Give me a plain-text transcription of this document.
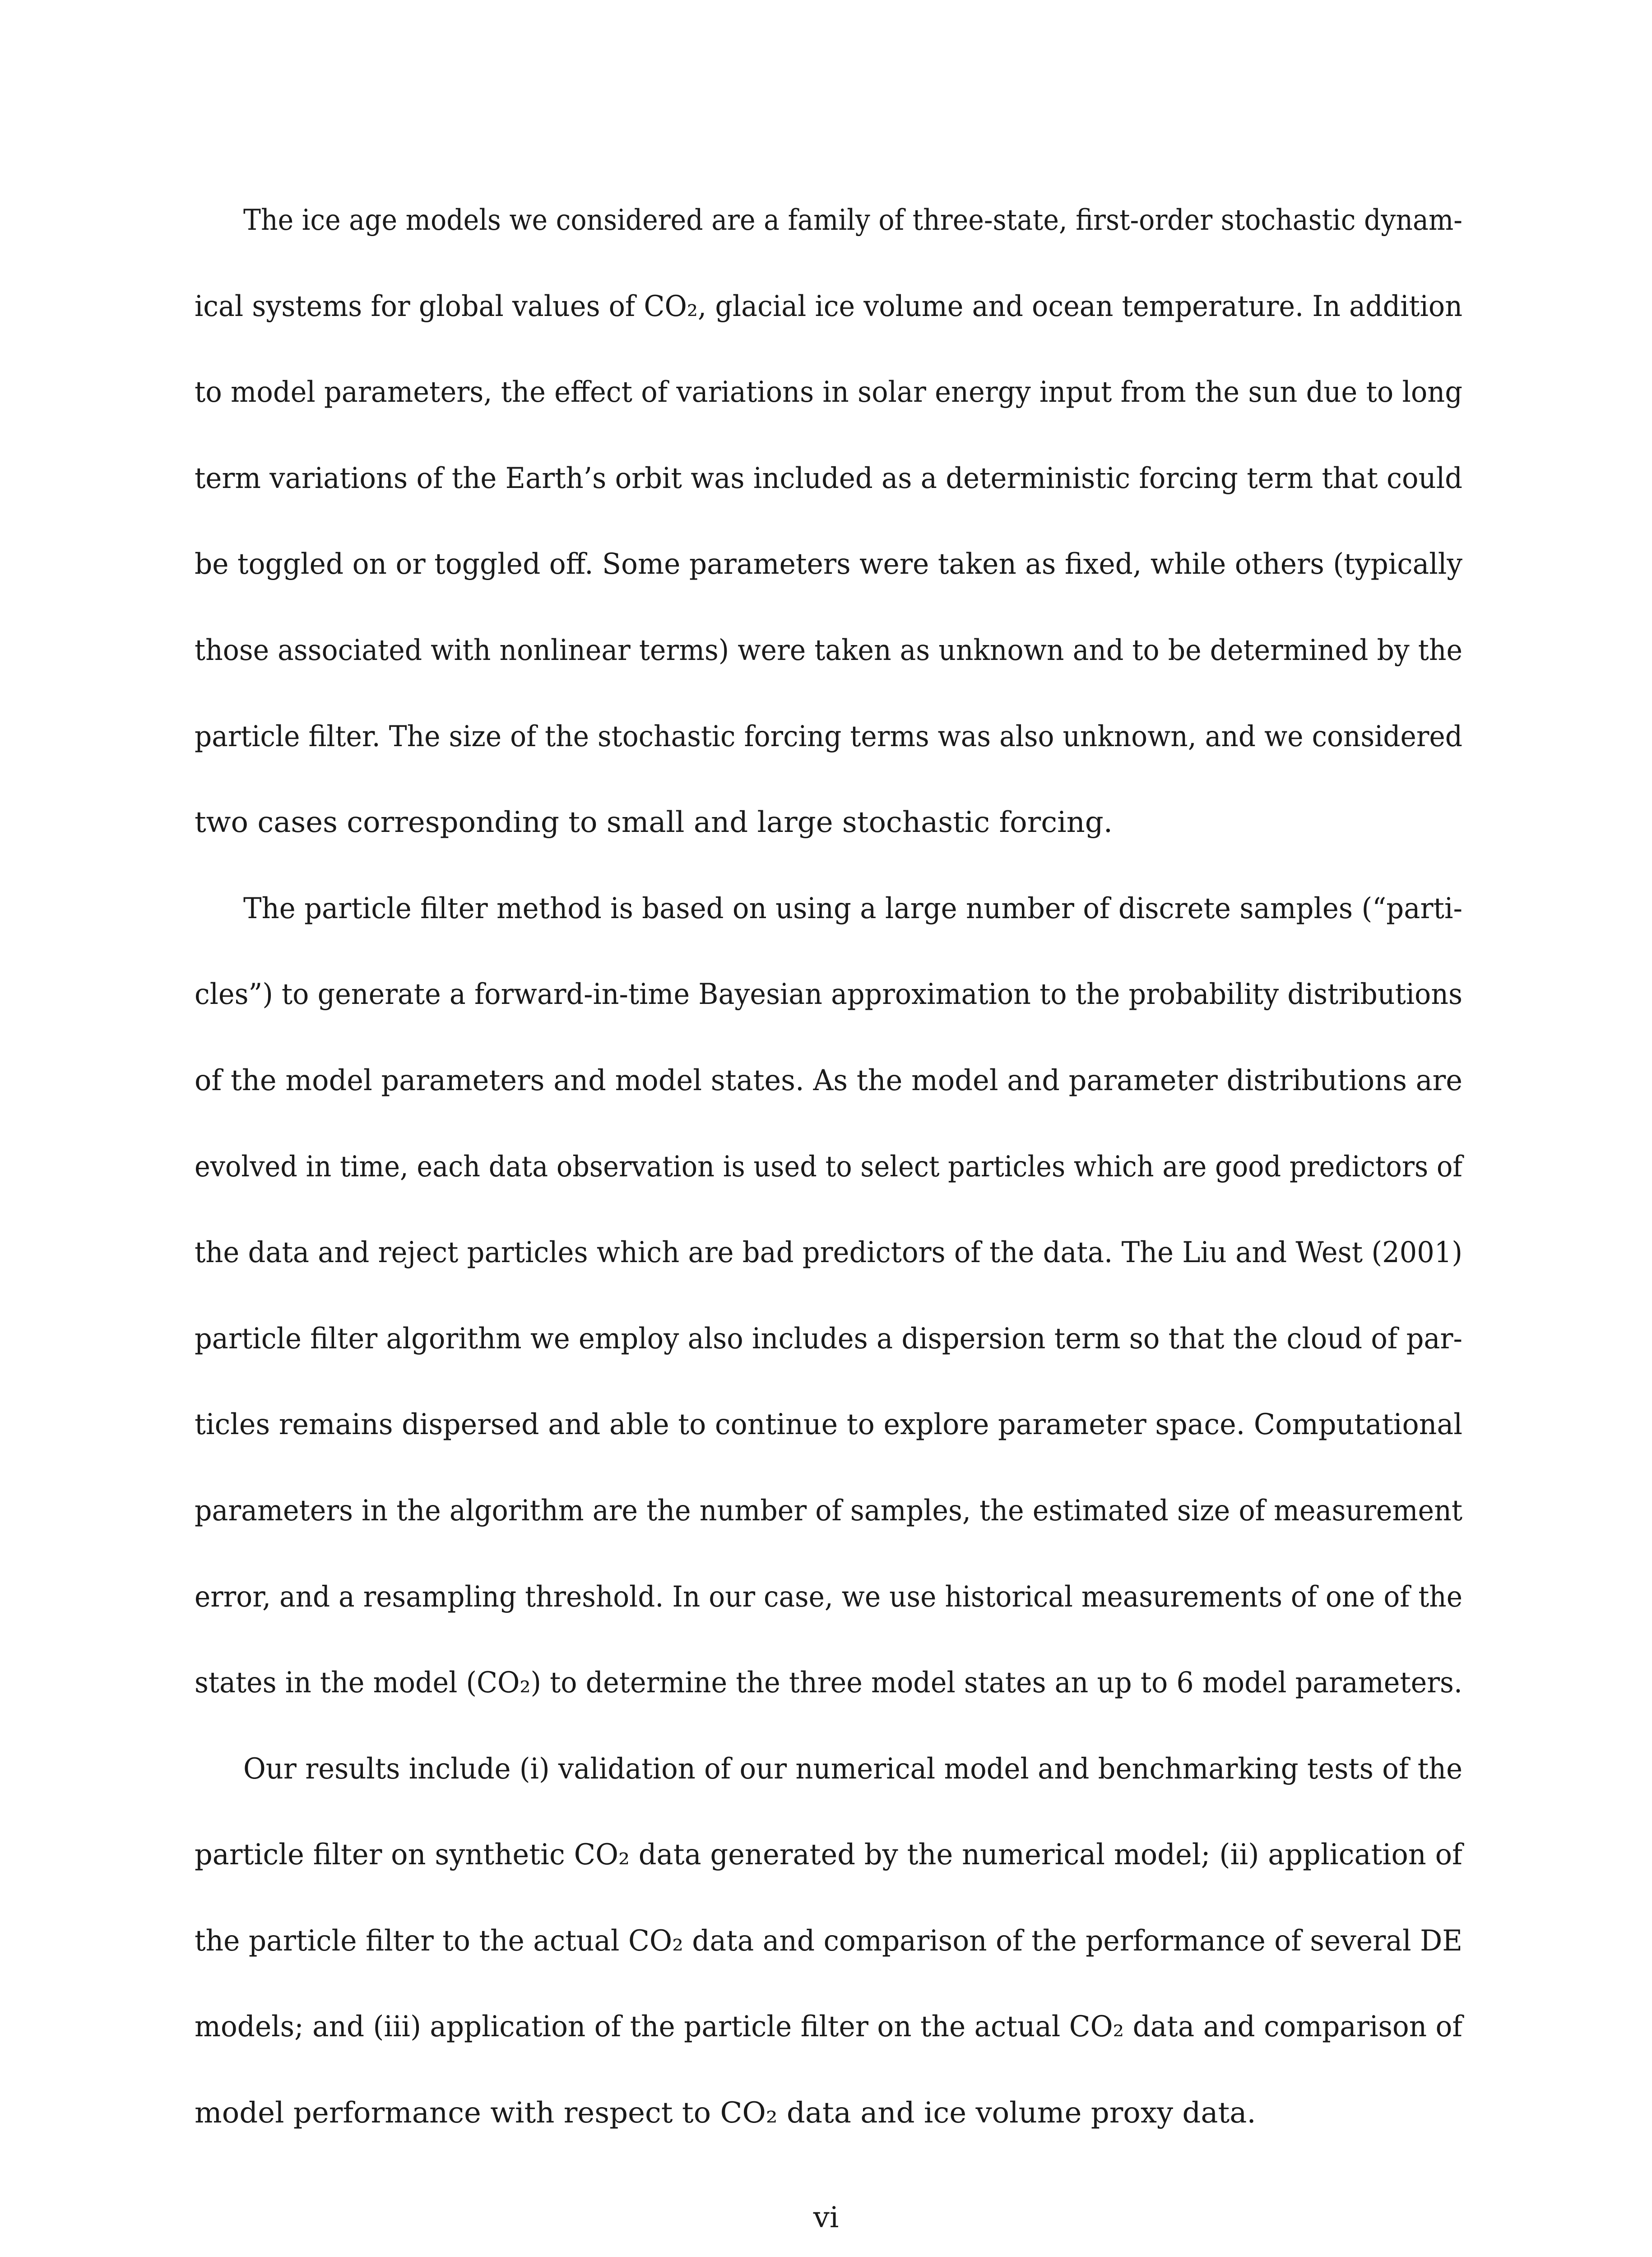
The ice age models we considered are a family of three-state, first-order stochastic dynam-
ical systems for global values of CO₂, glacial ice volume and ocean temperature. In addition
to model parameters, the effect of variations in solar energy input from the sun due to long
term variations of the Earth’s orbit was included as a deterministic forcing term that could
be toggled on or toggled off. Some parameters were taken as fixed, while others (typically
those associated with nonlinear terms) were taken as unknown and to be determined by the
particle filter. The size of the stochastic forcing terms was also unknown, and we considered
two cases corresponding to small and large stochastic forcing.
The particle filter method is based on using a large number of discrete samples (“parti-
cles”) to generate a forward-in-time Bayesian approximation to the probability distributions
of the model parameters and model states. As the model and parameter distributions are
evolved in time, each data observation is used to select particles which are good predictors of
the data and reject particles which are bad predictors of the data. The Liu and West (2001)
particle filter algorithm we employ also includes a dispersion term so that the cloud of par-
ticles remains dispersed and able to continue to explore parameter space. Computational
parameters in the algorithm are the number of samples, the estimated size of measurement
error, and a resampling threshold. In our case, we use historical measurements of one of the
states in the model (CO₂) to determine the three model states an up to 6 model parameters.
Our results include (i) validation of our numerical model and benchmarking tests of the
particle filter on synthetic CO₂ data generated by the numerical model; (ii) application of
the particle filter to the actual CO₂ data and comparison of the performance of several DE
models; and (iii) application of the particle filter on the actual CO₂ data and comparison of
model performance with respect to CO₂ data and ice volume proxy data.
vi
